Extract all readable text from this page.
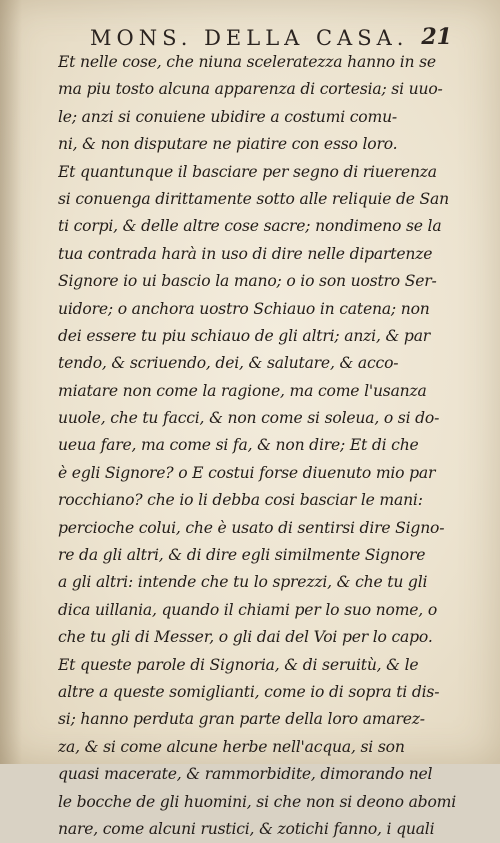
MONS. DELLA CASA. 21
Et nelle cose, che niuna sceleratezza hanno in se
ma piu tosto alcuna apparenza di cortesia; si uuo-
le; anzi si conuiene ubidire a costumi comu-
ni, & non disputare ne piatire con esso loro.
Et quantunque il basciare per segno di riuerenza
si conuenga dirittamente sotto alle reliquie de San
ti corpi, & delle altre cose sacre; nondimeno se la
tua contrada harà in uso di dire nelle dipartenze
Signore io ui bascio la mano; o io son uostro Ser-
uidore; o anchora uostro Schiauo in catena; non
dei essere tu piu schiauo de gli altri; anzi, & par
tendo, & scriuendo, dei, & salutare, & acco-
miatare non come la ragione, ma come l'usanza
uuole, che tu facci, & non come si soleua, o si do-
ueua fare, ma come si fa, & non dire; Et di che
è egli Signore? o E costui forse diuenuto mio par
rocchiano? che io li debba cosi basciar le mani:
percioche colui, che è usato di sentirsi dire Signo-
re da gli altri, & di dire egli similmente Signore
a gli altri: intende che tu lo sprezzi, & che tu gli
dica uillania, quando il chiami per lo suo nome, o
che tu gli di Messer, o gli dai del Voi per lo capo.
Et queste parole di Signoria, & di seruitù, & le
altre a queste somiglianti, come io di sopra ti dis-
si; hanno perduta gran parte della loro amarez-
za, & si come alcune herbe nell'acqua, si son
quasi macerate, & rammorbidite, dimorando nel
le bocche de gli huomini, si che non si deono abomi
nare, come alcuni rustici, & zotichi fanno, i quali
